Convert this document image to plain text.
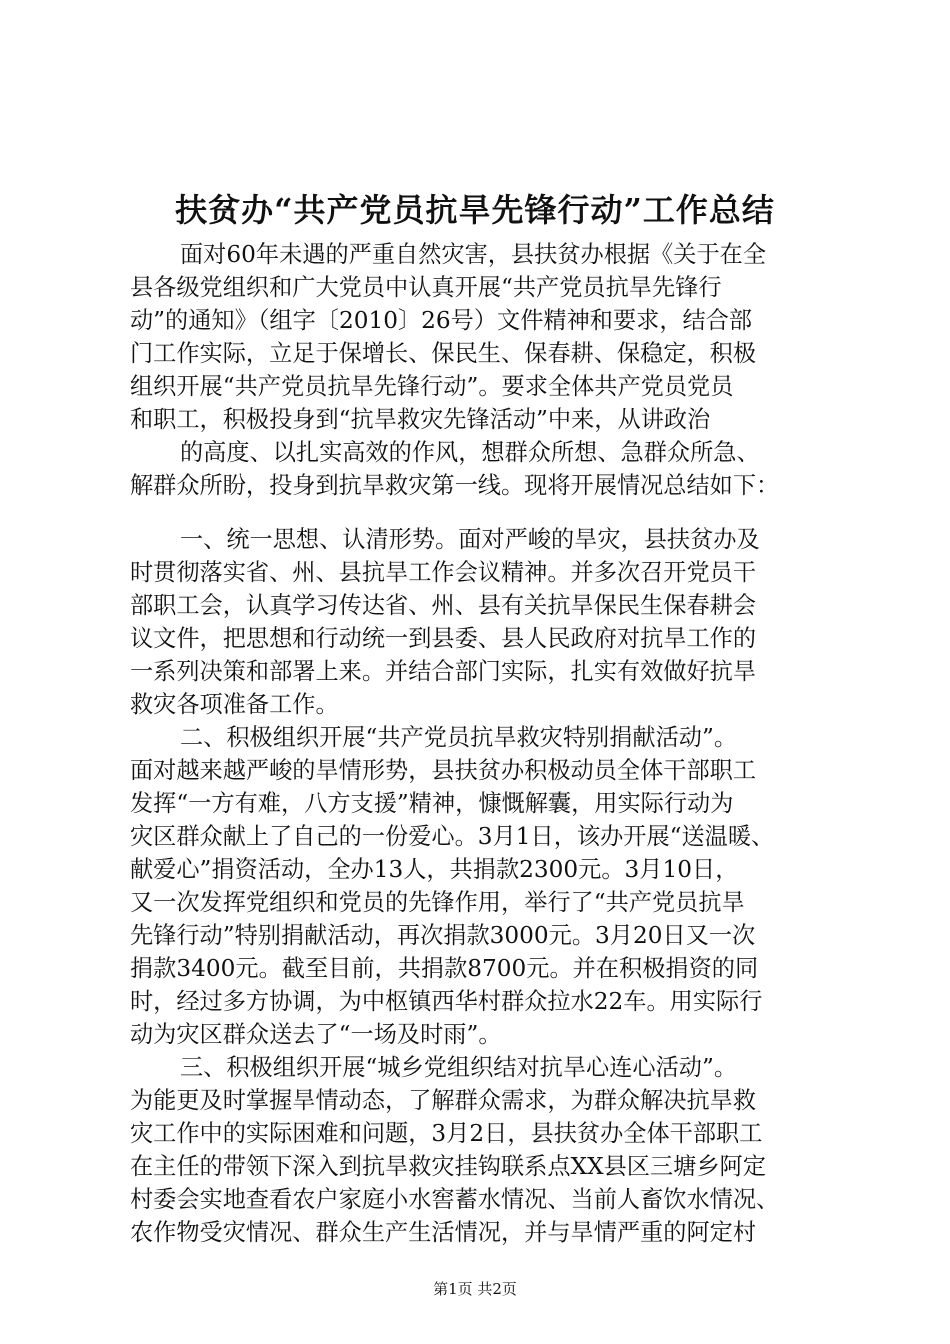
扶贫办“共产党员抗旱先锋行动”工作总结

面对60年未遇的严重自然灾害，县扶贫办根据《关于在全

县各级党组织和广大党员中认真开展“共产党员抗旱先锋行

动”的通知》（组字〔2010〕26号）文件精神和要求，结合部

门工作实际，立足于保增长、保民生、保春耕、保稳定，积极

组织开展“共产党员抗旱先锋行动”。要求全体共产党员党员

和职工，积极投身到“抗旱救灾先锋活动”中来，从讲政治

的高度、以扎实高效的作风，想群众所想、急群众所急、

解群众所盼，投身到抗旱救灾第一线。现将开展情况总结如下：

一、统一思想、认清形势。面对严峻的旱灾，县扶贫办及

时贯彻落实省、州、县抗旱工作会议精神。并多次召开党员干

部职工会，认真学习传达省、州、县有关抗旱保民生保春耕会

议文件，把思想和行动统一到县委、县人民政府对抗旱工作的

一系列决策和部署上来。并结合部门实际，扎实有效做好抗旱

救灾各项准备工作。

二、积极组织开展“共产党员抗旱救灾特别捐献活动”。

面对越来越严峻的旱情形势，县扶贫办积极动员全体干部职工

发挥“一方有难，八方支援”精神，慷慨解囊，用实际行动为

灾区群众献上了自己的一份爱心。3月1日，该办开展“送温暖、

献爱心”捐资活动，全办13人，共捐款2300元。3月10日，

又一次发挥党组织和党员的先锋作用，举行了“共产党员抗旱

先锋行动”特别捐献活动，再次捐款3000元。3月20日又一次

捐款3400元。截至目前，共捐款8700元。并在积极捐资的同

时，经过多方协调，为中枢镇西华村群众拉水22车。用实际行

动为灾区群众送去了“一场及时雨”。

三、积极组织开展“城乡党组织结对抗旱心连心活动”。

为能更及时掌握旱情动态，了解群众需求，为群众解决抗旱救

灾工作中的实际困难和问题，3月2日，县扶贫办全体干部职工

在主任的带领下深入到抗旱救灾挂钩联系点XX县区三塘乡阿定

村委会实地查看农户家庭小水窖蓄水情况、当前人畜饮水情况、

农作物受灾情况、群众生产生活情况，并与旱情严重的阿定村

第1页 共2页
